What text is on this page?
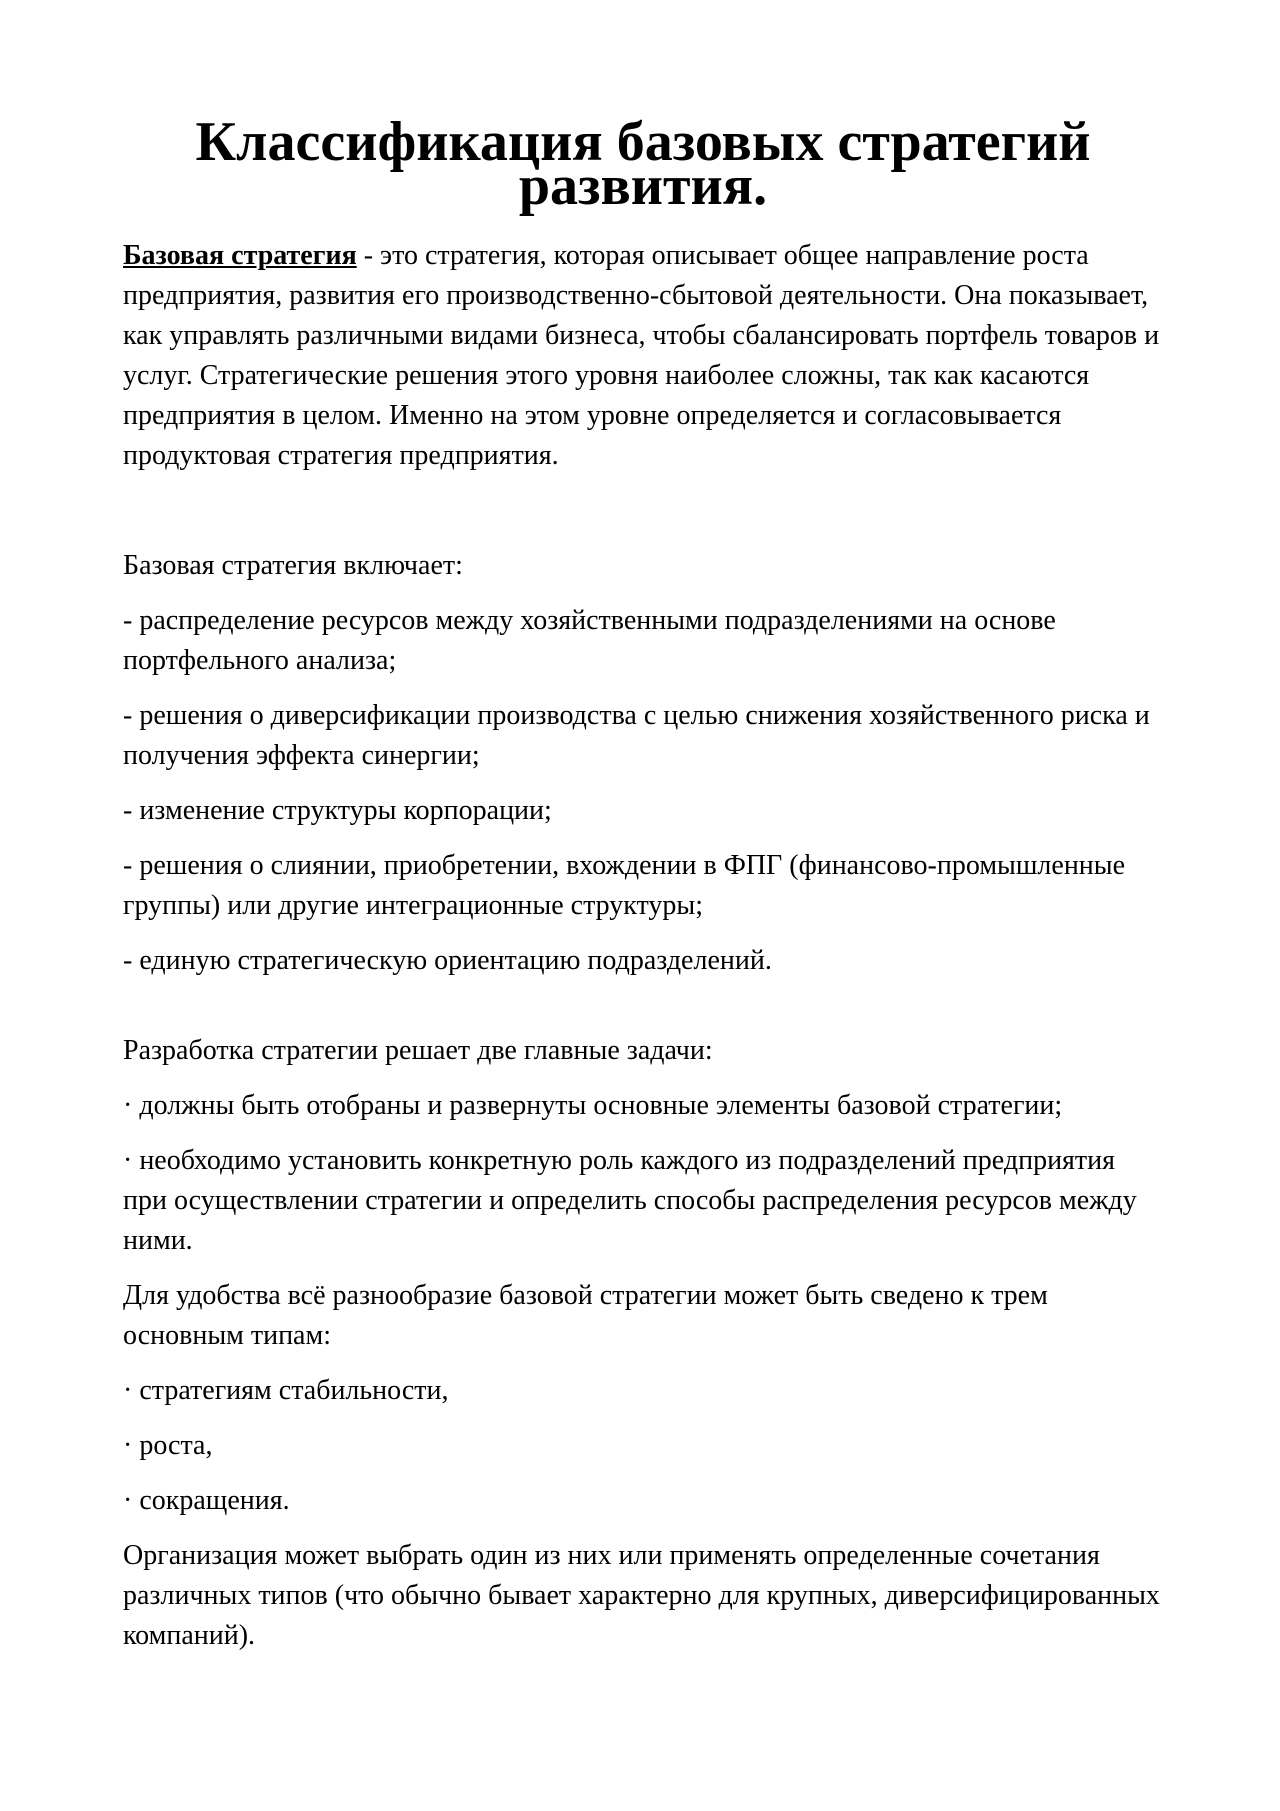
Классификация базовых стратегий развития.

Базовая стратегия - это стратегия, которая описывает общее направление роста предприятия, развития его производственно-сбытовой деятельности. Она показывает, как управлять различными видами бизнеса, чтобы сбалансировать портфель товаров и услуг. Стратегические решения этого уровня наиболее сложны, так как касаются предприятия в целом. Именно на этом уровне определяется и согласовывается продуктовая стратегия предприятия.

Базовая стратегия включает:

- распределение ресурсов между хозяйственными подразделениями на основе портфельного анализа;

- решения о диверсификации производства с целью снижения хозяйственного риска и получения эффекта синергии;

- изменение структуры корпорации;

- решения о слиянии, приобретении, вхождении в ФПГ (финансово-промышленные группы) или другие интеграционные структуры;

- единую стратегическую ориентацию подразделений.

Разработка стратегии решает две главные задачи:

· должны быть отобраны и развернуты основные элементы базовой стратегии;

· необходимо установить конкретную роль каждого из подразделений предприятия при осуществлении стратегии и определить способы распределения ресурсов между ними.

Для удобства всё разнообразие базовой стратегии может быть сведено к трем основным типам:

· стратегиям стабильности,

· роста,

· сокращения.

Организация может выбрать один из них или применять определенные сочетания различных типов (что обычно бывает характерно для крупных, диверсифицированных компаний).
